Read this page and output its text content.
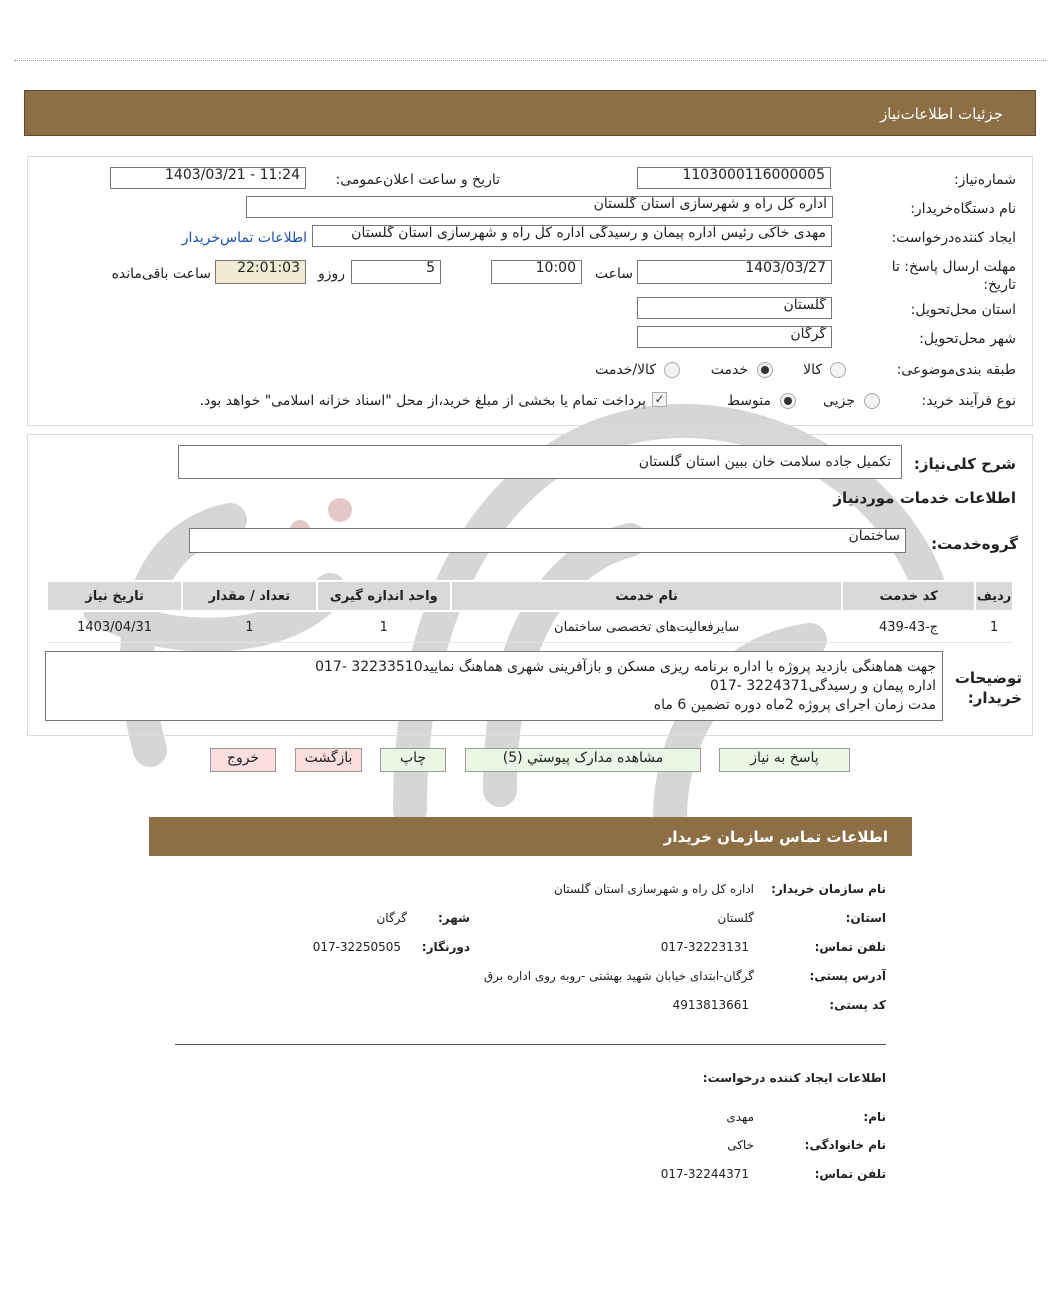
جزئیات اطلاعات‌نیاز
شماره‌نیاز:
1103000116000005
تاریخ و ساعت اعلان‌عمومی:
1403/03/21 - 11:24
نام دستگاه‌خریدار:
اداره کل راه و شهرسازی استان گلستان
ایجاد کننده‌درخواست:
مهدی خاکی رئیس اداره پیمان و رسیدگی اداره کل راه و شهرسازی استان گلستان
اطلاعات تماس‌خریدار
مهلت ارسال پاسخ: تا تاریخ:
1403/03/27
ساعت
10:00
5
روزو
22:01:03
ساعت باقی‌مانده
استان محل‌تحویل:
گلستان
شهر محل‌تحویل:
گرگان
طبقه بندی‌موضوعی:
کالا
خدمت
کالا/خدمت
نوع فرآیند خرید:
جزیی
متوسط
✓
پرداخت تمام یا بخشی از مبلغ خرید،از محل "اسناد خزانه اسلامی" خواهد بود.
شرح کلی‌نیاز:
تکمیل جاده سلامت خان ببین استان گلستان
اطلاعات خدمات موردنیاز
گروه‌خدمت:
ساختمان
ردیف	کد خدمت	نام خدمت	واحد اندازه گیری	تعداد / مقدار	تاریخ نیاز
1	ج-43-439	سایرفعالیت‌های تخصصی ساختمان	1	1	1403/04/31
توضیحات خریدار:
جهت هماهنگی بازدید پروژه با اداره برنامه ریزی مسکن و بازآفرینی شهری هماهنگ نمایید32233510 -017
اداره پیمان و رسیدگی3224371 -017
مدت زمان اجرای پروژه 2ماه دوره تضمین 6 ماه
پاسخ به نیاز
مشاهده مدارک پیوستي (5)
چاپ
بازگشت
خروج
اطلاعات تماس سازمان خریدار
نام سازمان خریدار:
اداره کل راه و شهرسازی استان گلستان
استان:
گلستان
شهر:
گرگان
تلفن تماس:
017-32223131
دورنگار:
017-32250505
آدرس پستی:
گرگان-ابتدای خیابان شهید بهشتی -روبه روی اداره برق
کد پستی:
4913813661
اطلاعات ایجاد کننده درخواست:
نام:
مهدی
نام خانوادگی:
خاکی
تلفن تماس:
017-32244371
